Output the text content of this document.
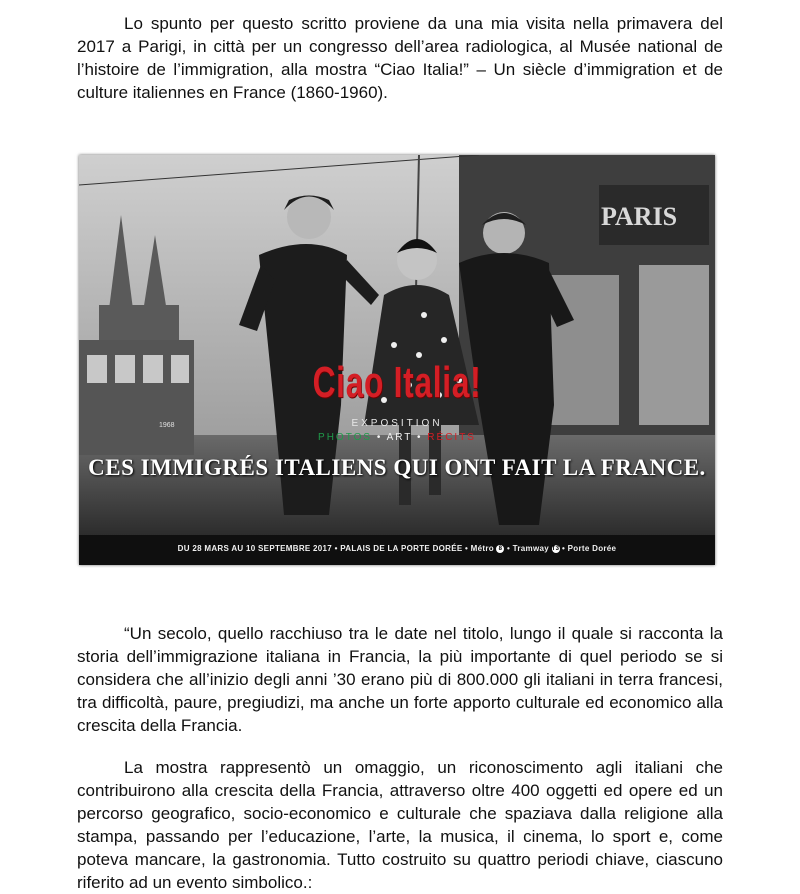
Lo spunto per questo scritto proviene da una mia visita nella primavera del 2017 a Parigi, in città per un congresso dell’area radiologica, al Musée national de l’histoire de l’immigration, alla mostra “Ciao Italia!” – Un siècle d’immigration et de culture italiennes en France (1860-1960).

PARIS
1968
Ciao Italia!
EXPOSITION
PHOTOS • ART • RÉCITS
CES IMMIGRÉS ITALIENS QUI ONT FAIT LA FRANCE.
DU 28 MARS AU 10 SEPTEMBRE 2017 • PALAIS DE LA PORTE DORÉE • Métro 8 • Tramway T3 • Porte Dorée

“Un secolo, quello racchiuso tra le date nel titolo, lungo il quale si racconta la storia dell’immigrazione italiana in Francia, la più importante di quel periodo se si considera che all’inizio degli anni ’30 erano più di 800.000 gli italiani in terra francesi, tra difficoltà, paure, pregiudizi, ma anche un forte apporto culturale ed economico alla crescita della Francia.

La mostra rappresentò un omaggio, un riconoscimento agli italiani che contribuirono alla crescita della Francia, attraverso oltre 400 oggetti ed opere ed un percorso geografico, socio-economico e culturale che spaziava dalla religione alla stampa, passando per l’educazione, l’arte, la musica, il cinema, lo sport e, come poteva mancare, la gastronomia. Tutto costruito su quattro periodi chiave, ciascuno riferito ad un evento simbolico.:
